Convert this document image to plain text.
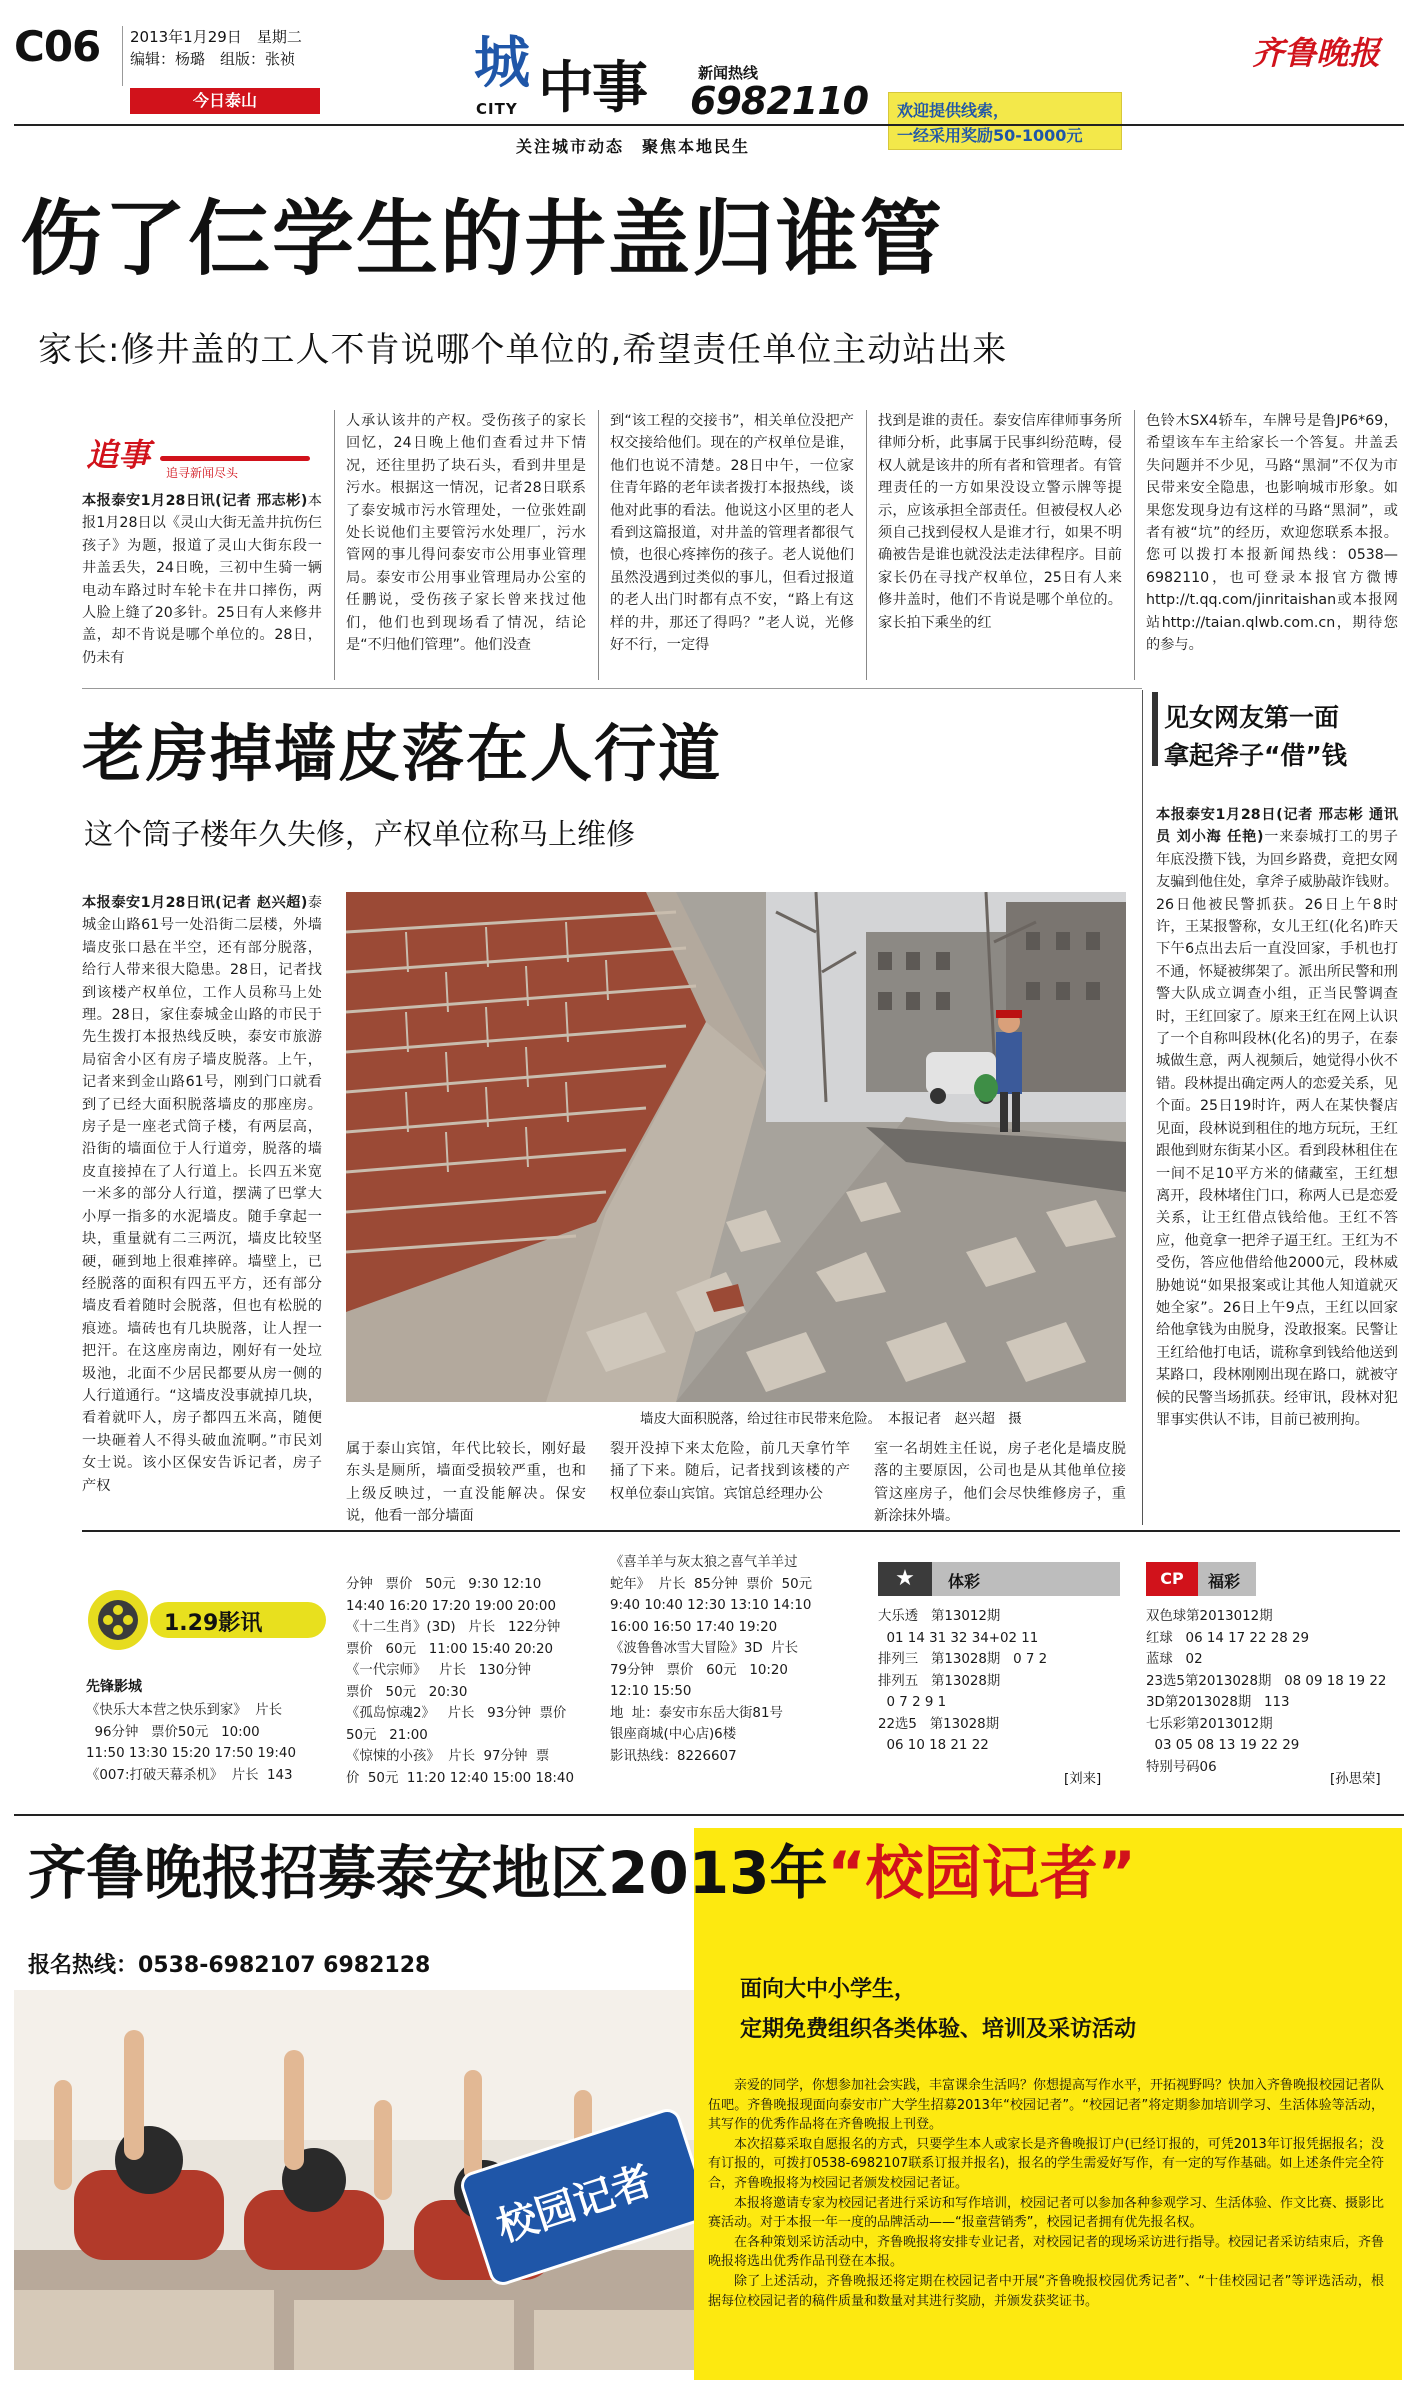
C06 2013年1月29日　 星期二
编辑：杨璐　组版：张祯
今日泰山
城
CITY 中事	新闻热线
6982110
关注城市动态　聚焦本地民生
欢迎提供线索，
一经采用奖励50-1000元
齐鲁晚报
伤了仨学生的井盖归谁管
家长:修井盖的工人不肯说哪个单位的,希望责任单位主动站出来
追事 追寻新闻尽头
本报泰安1月28日讯(记者 邢志彬)本报1月28日以《灵山大街无盖井抗伤仨孩子》为题，报道了灵山大街东段一井盖丢失，24日晚，三初中生骑一辆电动车路过时车轮卡在井口摔伤，两人脸上缝了20多针。25日有人来修井盖，却不肯说是哪个单位的。28日，仍未有
人承认该井的产权。受伤孩子的家长回忆，24日晚上他们查看过井下情况，还往里扔了块石头，看到井里是污水。根据这一情况，记者28日联系了泰安城市污水管理处，一位张姓副处长说他们主要管污水处理厂，污水管网的事儿得问泰安市公用事业管理局。泰安市公用事业管理局办公室的任鹏说，受伤孩子家长曾来找过他们，他们也到现场看了情况，结论是“不归他们管理”。他们没查
到“该工程的交接书”，相关单位没把产权交接给他们。现在的产权单位是谁，他们也说不清楚。28日中午，一位家住青年路的老年读者拨打本报热线，谈他对此事的看法。他说这小区里的老人看到这篇报道，对井盖的管理者都很气愤，也很心疼摔伤的孩子。老人说他们虽然没遇到过类似的事儿，但看过报道的老人出门时都有点不安，“路上有这样的井，那还了得吗？”老人说，光修好不行，一定得
找到是谁的责任。泰安信库律师事务所律师分析，此事属于民事纠纷范畴，侵权人就是该井的所有者和管理者。有管理责任的一方如果没设立警示牌等提示，应该承担全部责任。但被侵权人必须自己找到侵权人是谁才行，如果不明确被告是谁也就没法走法律程序。目前家长仍在寻找产权单位，25日有人来修井盖时，他们不肯说是哪个单位的。家长拍下乘坐的红
色铃木SX4轿车，车牌号是鲁JP6*69，希望该车车主给家长一个答复。井盖丢失问题并不少见，马路“黑洞”不仅为市民带来安全隐患，也影响城市形象。如果您发现身边有这样的马路“黑洞”，或者有被“坑”的经历，欢迎您联系本报。您可以拨打本报新闻热线：0538—6982110，也可登录本报官方微博http://t.qq.com/jinritaishan或本报网站http://taian.qlwb.com.cn，期待您的参与。
老房掉墙皮落在人行道
这个筒子楼年久失修，产权单位称马上维修
本报泰安1月28日讯(记者 赵兴超)泰城金山路61号一处沿街二层楼，外墙墙皮张口悬在半空，还有部分脱落，给行人带来很大隐患。28日，记者找到该楼产权单位，工作人员称马上处理。28日，家住泰城金山路的市民于先生拨打本报热线反映，泰安市旅游局宿舍小区有房子墙皮脱落。上午，记者来到金山路61号，刚到门口就看到了已经大面积脱落墙皮的那座房。房子是一座老式筒子楼，有两层高，沿街的墙面位于人行道旁，脱落的墙皮直接掉在了人行道上。长四五米宽一米多的部分人行道，摆满了巴掌大小厚一指多的水泥墙皮。随手拿起一块，重量就有二三两沉，墙皮比较坚硬，砸到地上很难摔碎。墙壁上，已经脱落的面积有四五平方，还有部分墙皮看着随时会脱落，但也有松脱的痕迹。墙砖也有几块脱落，让人捏一把汗。在这座房南边，刚好有一处垃圾池，北面不少居民都要从房一侧的人行道通行。“这墙皮没事就掉几块，看着就吓人，房子都四五米高，随便一块砸着人不得头破血流啊。”市民刘女士说。该小区保安告诉记者，房子产权
墙皮大面积脱落，给过往市民带来危险。　本报记者　赵兴超　摄
属于泰山宾馆，年代比较长，刚好最东头是厕所，墙面受损较严重，也和上级反映过，一直没能解决。保安说，他看一部分墙面
裂开没掉下来太危险，前几天拿竹竿捅了下来。随后，记者找到该楼的产权单位泰山宾馆。宾馆总经理办公
室一名胡姓主任说，房子老化是墙皮脱落的主要原因，公司也是从其他单位接管这座房子，他们会尽快维修房子，重新涂抹外墙。
见女网友第一面
拿起斧子“借”钱
本报泰安1月28日(记者 邢志彬 通讯员 刘小海 任艳)一来泰城打工的男子年底没攒下钱，为回乡路费，竟把女网友骗到他住处，拿斧子威胁敲诈钱财。26日他被民警抓获。26日上午8时许，王某报警称，女儿王红(化名)昨天下午6点出去后一直没回家，手机也打不通，怀疑被绑架了。派出所民警和刑警大队成立调查小组，正当民警调查时，王红回家了。原来王红在网上认识了一个自称叫段林(化名)的男子，在泰城做生意，两人视频后，她觉得小伙不错。段林提出确定两人的恋爱关系，见个面。25日19时许，两人在某快餐店见面，段林说到租住的地方玩玩，王红跟他到财东街某小区。看到段林租住在一间不足10平方米的储藏室，王红想离开，段林堵住门口，称两人已是恋爱关系，让王红借点钱给他。王红不答应，他竟拿一把斧子逼王红。王红为不受伤，答应他借给他2000元，段林威胁她说“如果报案或让其他人知道就灭她全家”。26日上午9点，王红以回家给他拿钱为由脱身，没敢报案。民警让王红给他打电话，谎称拿到钱给他送到某路口，段林刚刚出现在路口，就被守候的民警当场抓获。经审讯，段林对犯罪事实供认不讳，目前已被刑拘。
1.29影讯
先锋影城
《快乐大本营之快乐到家》  片长
96分钟   票价50元   10:00
11:50 13:30 15:20 17:50 19:40
《007:打破天幕杀机》  片长  143
分钟   票价   50元   9:30 12:10
14:40 16:20 17:20 19:00 20:00
《十二生肖》(3D)   片长   122分钟
票价   60元   11:00 15:40 20:20
《一代宗师》   片长   130分钟
票价   50元   20:30
《孤岛惊魂2》   片长   93分钟  票价
50元   21:00
《惊悚的小孩》  片长  97分钟  票
价  50元  11:20 12:40 15:00 18:40
《喜羊羊与灰太狼之喜气羊羊过
蛇年》  片长  85分钟  票价  50元
9:40 10:40 12:30 13:10 14:10
16:00 16:50 17:40 19:20
《波鲁鲁冰雪大冒险》3D  片长
79分钟   票价   60元   10:20
12:10 15:50
地  址：泰安市东岳大街81号
银座商城(中心店)6楼
影讯热线：8226607
★	体彩
大乐透   第13012期
01 14 31 32 34+02 11
排列三   第13028期   0 7 2
排列五   第13028期
0 7 2 9 1
22选5   第13028期
06 10 18 21 22
[刘来]
CP	福彩
双色球第2013012期
红球   06 14 17 22 28 29
蓝球   02
23选5第2013028期   08 09 18 19 22
3D第2013028期   113
七乐彩第2013012期
03 05 08 13 19 22 29
特别号码06
[孙思荣]
齐鲁晚报招募泰安地区2013年“校园记者”
报名热线：0538-6982107 6982128
校园记者
面向大中小学生，
定期免费组织各类体验、培训及采访活动

亲爱的同学，你想参加社会实践，丰富课余生活吗？你想提高写作水平，开拓视野吗？快加入齐鲁晚报校园记者队伍吧。齐鲁晚报现面向泰安市广大学生招募2013年“校园记者”。“校园记者”将定期参加培训学习、生活体验等活动，其写作的优秀作品将在齐鲁晚报上刊登。

本次招募采取自愿报名的方式，只要学生本人或家长是齐鲁晚报订户(已经订报的，可凭2013年订报凭据报名；没有订报的，可拨打0538-6982107联系订报并报名)，报名的学生需爱好写作，有一定的写作基础。如上述条件完全符合，齐鲁晚报将为校园记者颁发校园记者证。

本报将邀请专家为校园记者进行采访和写作培训，校园记者可以参加各种参观学习、生活体验、作文比赛、摄影比赛活动。对于本报一年一度的品牌活动——“报童营销秀”，校园记者拥有优先报名权。

在各种策划采访活动中，齐鲁晚报将安排专业记者，对校园记者的现场采访进行指导。校园记者采访结束后，齐鲁晚报将选出优秀作品刊登在本报。

除了上述活动，齐鲁晚报还将定期在校园记者中开展“齐鲁晚报校园优秀记者”、“十佳校园记者”等评选活动，根据每位校园记者的稿件质量和数量对其进行奖励，并颁发获奖证书。
